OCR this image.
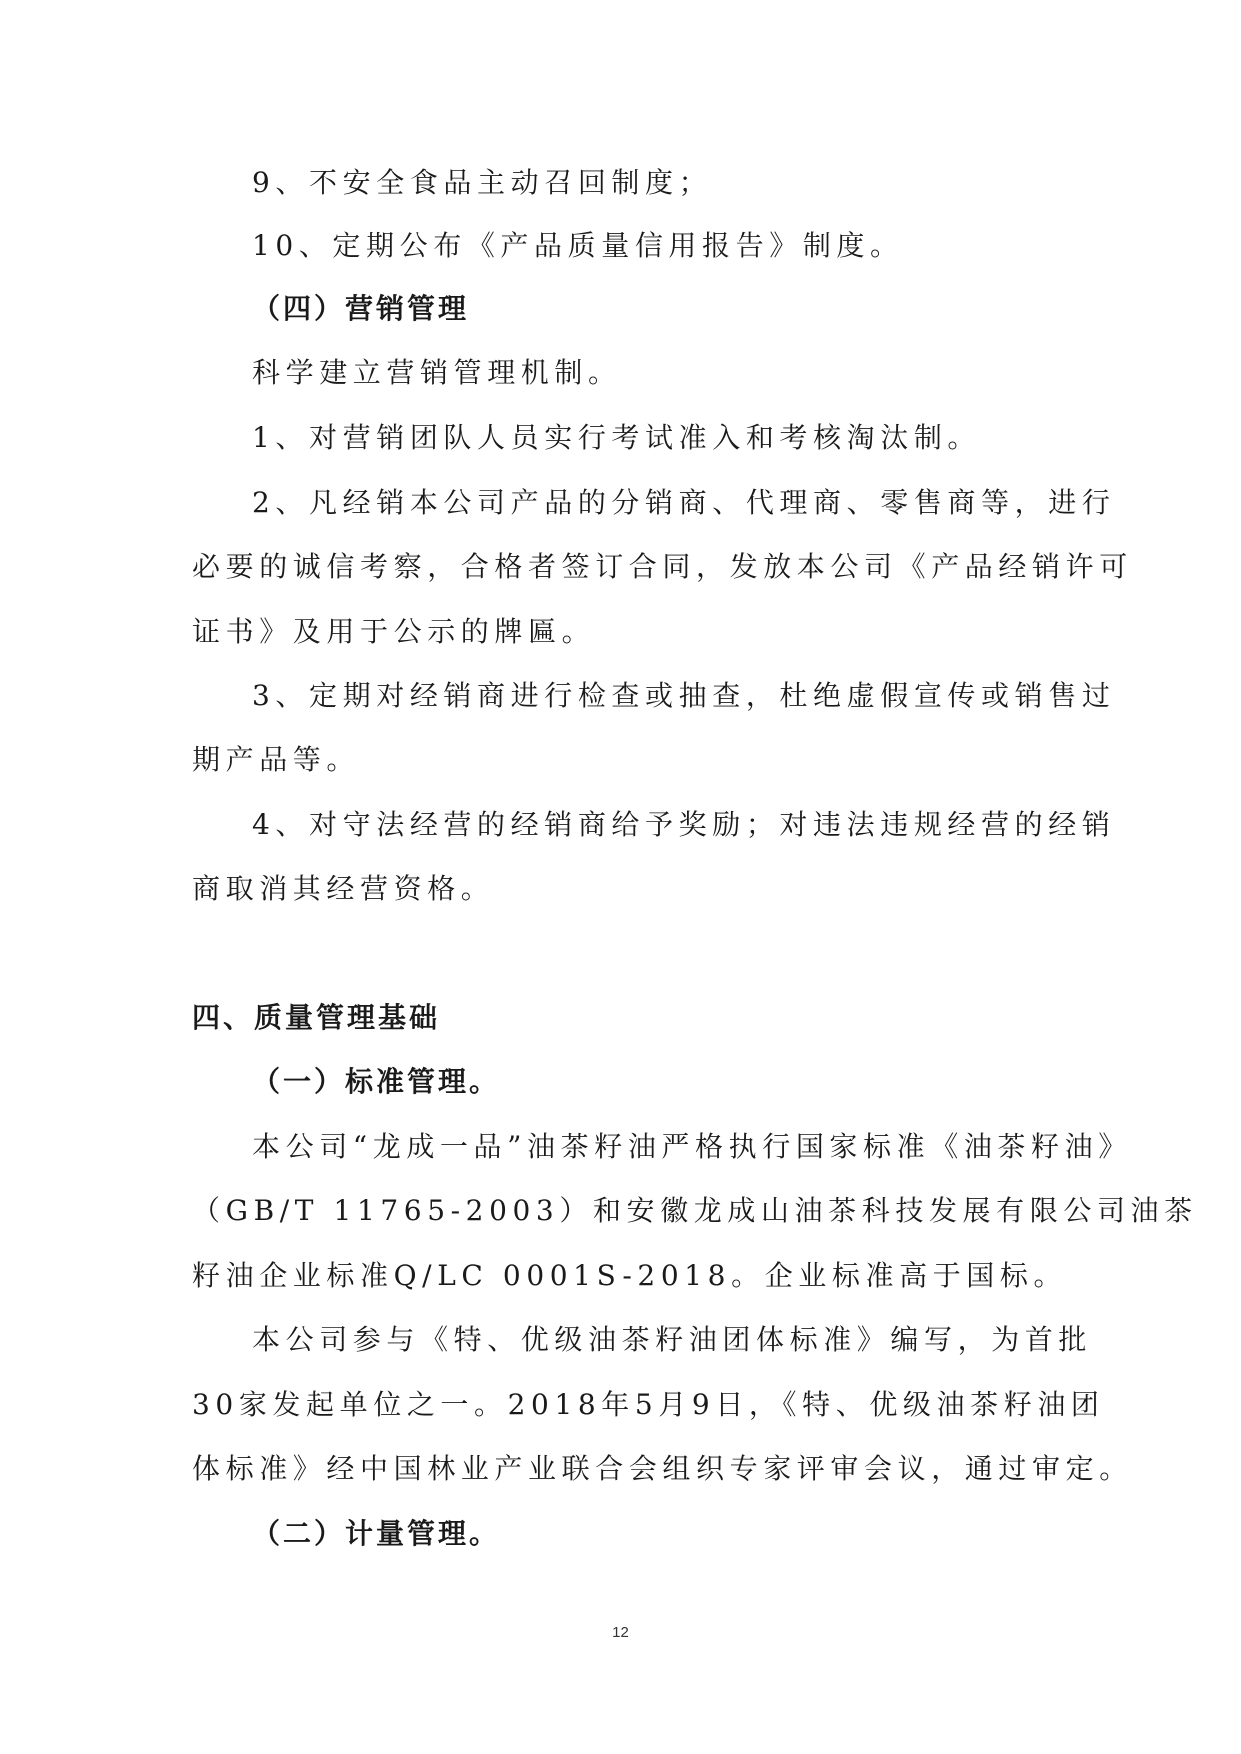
9、不安全食品主动召回制度；
10、定期公布《产品质量信用报告》制度。
（四）营销管理
科学建立营销管理机制。
1、对营销团队人员实行考试准入和考核淘汰制。
2、凡经销本公司产品的分销商、代理商、零售商等，进行
必要的诚信考察，合格者签订合同，发放本公司《产品经销许可
证书》及用于公示的牌匾。
3、定期对经销商进行检查或抽查，杜绝虚假宣传或销售过
期产品等。
4、对守法经营的经销商给予奖励；对违法违规经营的经销
商取消其经营资格。
四、质量管理基础
（一）标准管理。
本公司“龙成一品”油茶籽油严格执行国家标准《油茶籽油》
（GB/T 11765-2003）和安徽龙成山油茶科技发展有限公司油茶
籽油企业标准Q/LC 0001S-2018。企业标准高于国标。
本公司参与《特、优级油茶籽油团体标准》编写，为首批
30家发起单位之一。2018年5月9日，《特、优级油茶籽油团
体标准》经中国林业产业联合会组织专家评审会议，通过审定。
（二）计量管理。
12
